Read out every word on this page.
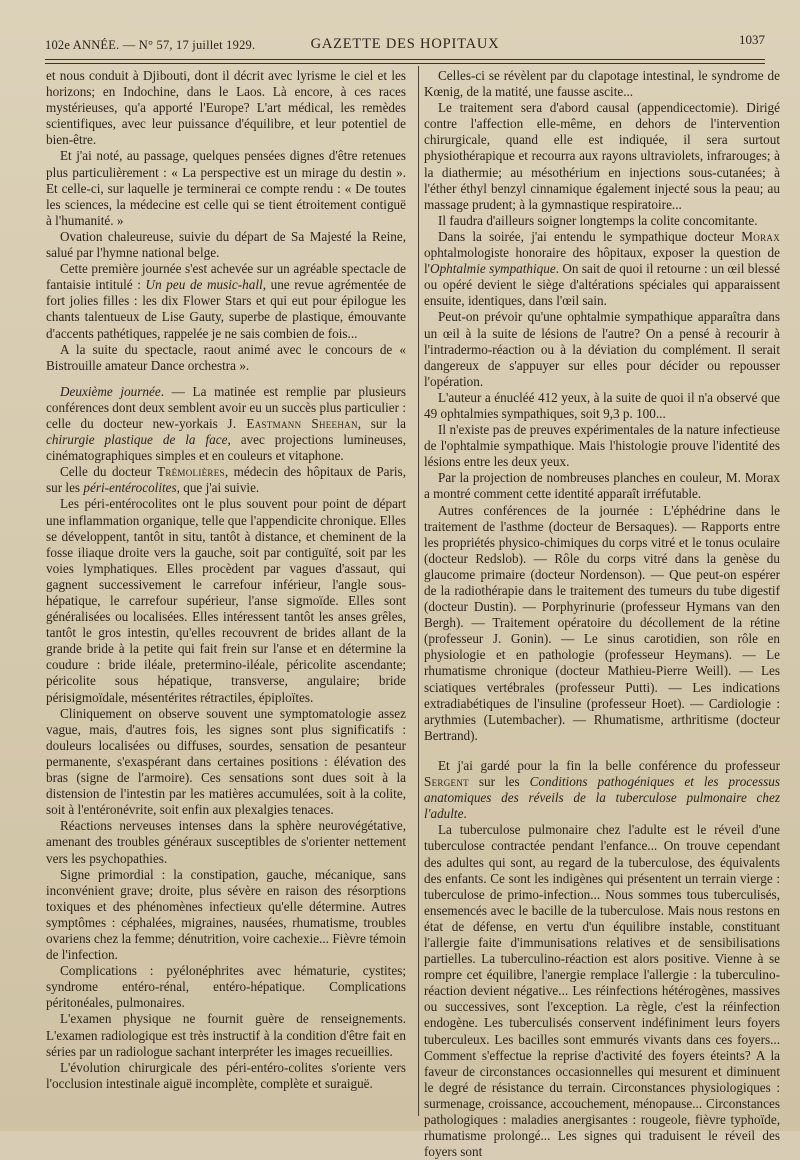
102e ANNÉE. — N° 57, 17 juillet 1929.	GAZETTE DES HOPITAUX	1037

et nous conduit à Djibouti, dont il décrit avec lyrisme le ciel et les horizons; en Indochine, dans le Laos. Là encore, à ces races mystérieuses, qu'a apporté l'Europe? L'art médical, les remèdes scientifiques, avec leur puissance d'équilibre, et leur potentiel de bien-être.

Et j'ai noté, au passage, quelques pensées dignes d'être retenues plus particulièrement : « La perspective est un mirage du destin ». Et celle-ci, sur laquelle je terminerai ce compte rendu : « De toutes les sciences, la médecine est celle qui se tient étroitement contiguë à l'humanité. »

Ovation chaleureuse, suivie du départ de Sa Majesté la Reine, salué par l'hymne national belge.

Cette première journée s'est achevée sur un agréable spectacle de fantaisie intitulé : Un peu de music-hall, une revue agrémentée de fort jolies filles : les dix Flower Stars et qui eut pour épilogue les chants talentueux de Lise Gauty, superbe de plastique, émouvante d'accents pathétiques, rappelée je ne sais combien de fois...

A la suite du spectacle, raout animé avec le concours de « Bistrouille amateur Dance orchestra ».

Deuxième journée. — La matinée est remplie par plusieurs conférences dont deux semblent avoir eu un succès plus particulier : celle du docteur new-yorkais J. Eastmann Sheehan, sur la chirurgie plastique de la face, avec projections lumineuses, cinématographiques simples et en couleurs et vitaphone.

Celle du docteur Trémolières, médecin des hôpitaux de Paris, sur les péri-entérocolites, que j'ai suivie.

Les péri-entérocolites ont le plus souvent pour point de départ une inflammation organique, telle que l'appendicite chronique. Elles se développent, tantôt in situ, tantôt à distance, et cheminent de la fosse iliaque droite vers la gauche, soit par contiguïté, soit par les voies lymphatiques. Elles procèdent par vagues d'assaut, qui gagnent successivement le carrefour inférieur, l'angle sous-hépatique, le carrefour supérieur, l'anse sigmoïde. Elles sont généralisées ou localisées. Elles intéressent tantôt les anses grêles, tantôt le gros intestin, qu'elles recouvrent de brides allant de la grande bride à la petite qui fait frein sur l'anse et en détermine la coudure : bride iléale, pretermino-iléale, péricolite ascendante; péricolite sous hépatique, transverse, angulaire; bride périsigmoïdale, mésentérites rétractiles, épiploïtes.

Cliniquement on observe souvent une symptomatologie assez vague, mais, d'autres fois, les signes sont plus significatifs : douleurs localisées ou diffuses, sourdes, sensation de pesanteur permanente, s'exaspérant dans certaines positions : élévation des bras (signe de l'armoire). Ces sensations sont dues soit à la distension de l'intestin par les matières accumulées, soit à la colite, soit à l'entéronévrite, soit enfin aux plexalgies tenaces.

Réactions nerveuses intenses dans la sphère neurovégétative, amenant des troubles généraux susceptibles de s'orienter nettement vers les psychopathies.

Signe primordial : la constipation, gauche, mécanique, sans inconvénient grave; droite, plus sévère en raison des résorptions toxiques et des phénomènes infectieux qu'elle détermine. Autres symptômes : céphalées, migraines, nausées, rhumatisme, troubles ovariens chez la femme; dénutrition, voire cachexie... Fièvre témoin de l'infection.

Complications : pyélonéphrites avec hématurie, cystites; syndrome entéro-rénal, entéro-hépatique. Complications péritonéales, pulmonaires.

L'examen physique ne fournit guère de renseignements. L'examen radiologique est très instructif à la condition d'être fait en séries par un radiologue sachant interpréter les images recueillies.

L'évolution chirurgicale des péri-entéro-colites s'oriente vers l'occlusion intestinale aiguë incomplète, complète et suraiguë.

Celles-ci se révèlent par du clapotage intestinal, le syndrome de Kœnig, de la matité, une fausse ascite...

Le traitement sera d'abord causal (appendicectomie). Dirigé contre l'affection elle-même, en dehors de l'intervention chirurgicale, quand elle est indiquée, il sera surtout physiothérapique et recourra aux rayons ultraviolets, infrarouges; à la diathermie; au mésothérium en injections sous-cutanées; à l'éther éthyl benzyl cinnamique également injecté sous la peau; au massage prudent; à la gymnastique respiratoire...

Il faudra d'ailleurs soigner longtemps la colite concomitante.

Dans la soirée, j'ai entendu le sympathique docteur Morax ophtalmologiste honoraire des hôpitaux, exposer la question de l'Ophtalmie sympathique. On sait de quoi il retourne : un œil blessé ou opéré devient le siège d'altérations spéciales qui apparaissent ensuite, identiques, dans l'œil sain.

Peut-on prévoir qu'une ophtalmie sympathique apparaîtra dans un œil à la suite de lésions de l'autre? On a pensé à recourir à l'intradermo-réaction ou à la déviation du complément. Il serait dangereux de s'appuyer sur elles pour décider ou repousser l'opération.

L'auteur a énucléé 412 yeux, à la suite de quoi il n'a observé que 49 ophtalmies sympathiques, soit 9,3 p. 100...

Il n'existe pas de preuves expérimentales de la nature infectieuse de l'ophtalmie sympathique. Mais l'histologie prouve l'identité des lésions entre les deux yeux.

Par la projection de nombreuses planches en couleur, M. Morax a montré comment cette identité apparaît irréfutable.

Autres conférences de la journée : L'éphédrine dans le traitement de l'asthme (docteur de Bersaques). — Rapports entre les propriétés physico-chimiques du corps vitré et le tonus oculaire (docteur Redslob). — Rôle du corps vitré dans la genèse du glaucome primaire (docteur Nordenson). — Que peut-on espérer de la radiothérapie dans le traitement des tumeurs du tube digestif (docteur Dustin). — Porphyrinurie (professeur Hymans van den Bergh). — Traitement opératoire du décollement de la rétine (professeur J. Gonin). — Le sinus carotidien, son rôle en physiologie et en pathologie (professeur Heymans). — Le rhumatisme chronique (docteur Mathieu-Pierre Weill). — Les sciatiques vertébrales (professeur Putti). — Les indications extradiabétiques de l'insuline (professeur Hoet). — Cardiologie : arythmies (Lutembacher). — Rhumatisme, arthritisme (docteur Bertrand).

Et j'ai gardé pour la fin la belle conférence du professeur Sergent sur les Conditions pathogéniques et les processus anatomiques des réveils de la tuberculose pulmonaire chez l'adulte.

La tuberculose pulmonaire chez l'adulte est le réveil d'une tuberculose contractée pendant l'enfance... On trouve cependant des adultes qui sont, au regard de la tuberculose, des équivalents des enfants. Ce sont les indigènes qui présentent un terrain vierge : tuberculose de primo-infection... Nous sommes tous tuberculisés, ensemencés avec le bacille de la tuberculose. Mais nous restons en état de défense, en vertu d'un équilibre instable, constituant l'allergie faite d'immunisations relatives et de sensibilisations partielles. La tuberculino-réaction est alors positive. Vienne à se rompre cet équilibre, l'anergie remplace l'allergie : la tuberculino-réaction devient négative... Les réinfections hétérogènes, massives ou successives, sont l'exception. La règle, c'est la réinfection endogène. Les tuberculisés conservent indéfiniment leurs foyers tuberculeux. Les bacilles sont emmurés vivants dans ces foyers... Comment s'effectue la reprise d'activité des foyers éteints? A la faveur de circonstances occasionnelles qui mesurent et diminuent le degré de résistance du terrain. Circonstances physiologiques : surmenage, croissance, accouchement, ménopause... Circonstances pathologiques : maladies anergisantes : rougeole, fièvre typhoïde, rhumatisme prolongé... Les signes qui traduisent le réveil des foyers sont
